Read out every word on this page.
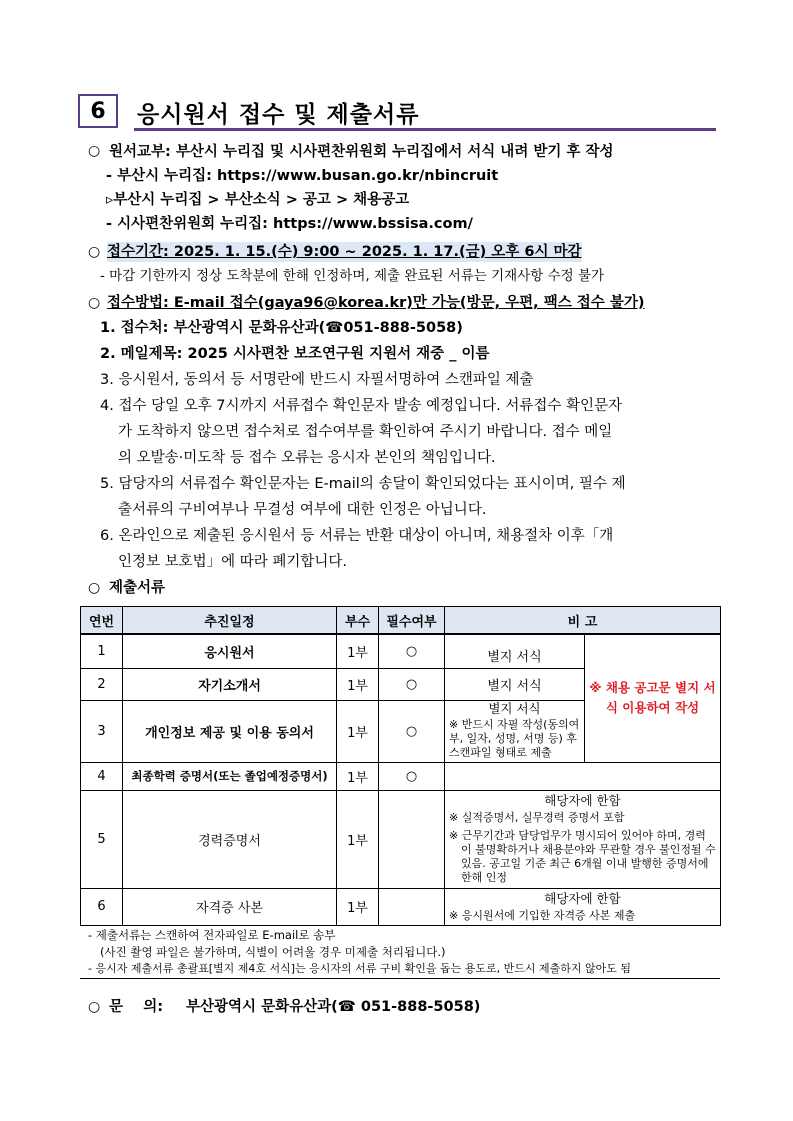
6	응시원서 접수 및 제출서류
○ 원서교부: 부산시 누리집 및 시사편찬위원회 누리집에서 서식 내려 받기 후 작성
- 부산시 누리집: https://www.busan.go.kr/nbincruit
▹부산시 누리집 > 부산소식 > 공고 > 채용공고
- 시사편찬위원회 누리집: https://www.bssisa.com/
○ 접수기간: 2025. 1. 15.(수) 9:00 ~ 2025. 1. 17.(금) 오후 6시 마감
- 마감 기한까지 정상 도착분에 한해 인정하며, 제출 완료된 서류는 기재사항 수정 불가
○ 접수방법: E-mail 접수(gaya96@korea.kr)만 가능(방문, 우편, 팩스 접수 불가)
1. 접수처: 부산광역시 문화유산과(☎051-888-5058)
2. 메일제목: 2025 시사편찬 보조연구원 지원서 재중 _ 이름
3. 응시원서, 동의서 등 서명란에 반드시 자필서명하여 스캔파일 제출
4. 접수 당일 오후 7시까지 서류접수 확인문자 발송 예정입니다. 서류접수 확인문자
가 도착하지 않으면 접수처로 접수여부를 확인하여 주시기 바랍니다. 접수 메일
의 오발송·미도착 등 접수 오류는 응시자 본인의 책임입니다.
5. 담당자의 서류접수 확인문자는 E-mail의 송달이 확인되었다는 표시이며, 필수 제
출서류의 구비여부나 무결성 여부에 대한 인정은 아닙니다.
6. 온라인으로 제출된 응시원서 등 서류는 반환 대상이 아니며, 채용절차 이후「개
인정보 보호법」에 따라 폐기합니다.
○ 제출서류
연번	추진일정	부수	필수여부	비 고	
1	응시원서	1부	○	별지 서식	※ 채용 공고문 별지 서식 이용하여 작성
2	자기소개서	1부	○	별지 서식	
3	개인정보 제공 및 이용 동의서	1부	○	별지 서식
※ 반드시 자필 작성(동의여부, 일자, 성명, 서명 등) 후 스캔파일 형태로 제출	

4	최종학력 증명서(또는 졸업예정증명서)	1부	○		
5	경력증명서	1부		해당자에 한함
※ 실적증명서, 실무경력 증명서 포함
※ 근무기간과 담당업무가 명시되어 있어야 하며, 경력이 불명확하거나 채용분야와 무관할 경우 불인정될 수 있음. 공고일 기준 최근 6개월 이내 발행한 증명서에 한해 인정	

6	자격증 사본	1부		해당자에 한함
※ 응시원서에 기입한 자격증 사본 제출	
- 제출서류는 스캔하여 전자파일로 E-mail로 송부
(사진 촬영 파일은 불가하며, 식별이 어려울 경우 미제출 처리됩니다.)
- 응시자 제출서류 총괄표[별지 제4호 서식]는 응시자의 서류 구비 확인을 돕는 용도로, 반드시 제출하지 않아도 됨
○ 문    의: 부산광역시 문화유산과(☎ 051-888-5058)
